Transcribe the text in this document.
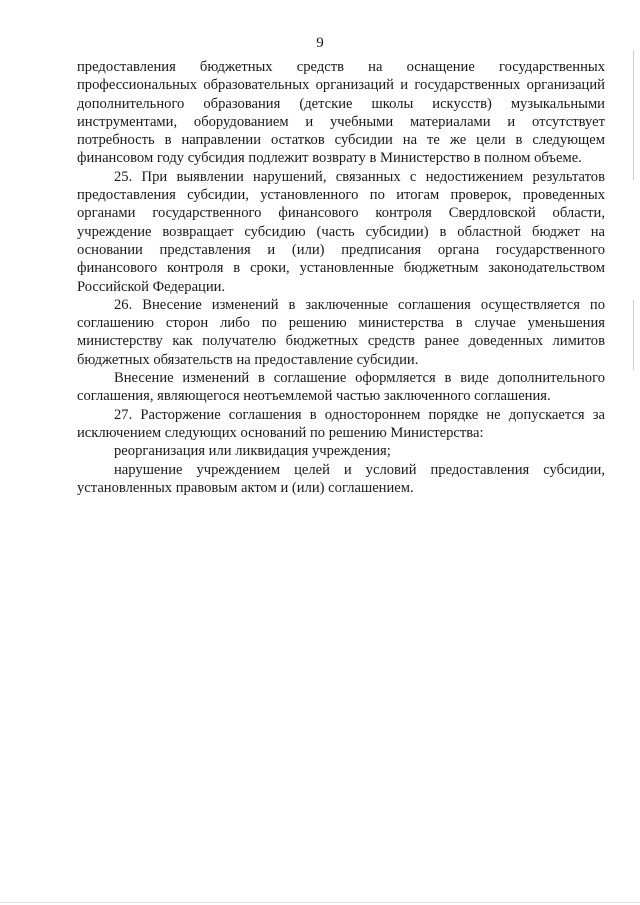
9

предоставления бюджетных средств на оснащение государственных профессиональных образовательных организаций и государственных организаций дополнительного образования (детские школы искусств) музыкальными инструментами, оборудованием и учебными материалами и отсутствует потребность в направлении остатков субсидии на те же цели в следующем финансовом году субсидия подлежит возврату в Министерство в полном объеме.

25. При выявлении нарушений, связанных с недостижением результатов предоставления субсидии, установленного по итогам проверок, проведенных органами государственного финансового контроля Свердловской области, учреждение возвращает субсидию (часть субсидии) в областной бюджет на основании представления и (или) предписания органа государственного финансового контроля в сроки, установленные бюджетным законодательством Российской Федерации.

26. Внесение изменений в заключенные соглашения осуществляется по соглашению сторон либо по решению министерства в случае уменьшения министерству как получателю бюджетных средств ранее доведенных лимитов бюджетных обязательств на предоставление субсидии.

Внесение изменений в соглашение оформляется в виде дополнительного соглашения, являющегося неотъемлемой частью заключенного соглашения.

27. Расторжение соглашения в одностороннем порядке не допускается за исключением следующих оснований по решению Министерства:

реорганизация или ликвидация учреждения;

нарушение учреждением целей и условий предоставления субсидии, установленных правовым актом и (или) соглашением.
